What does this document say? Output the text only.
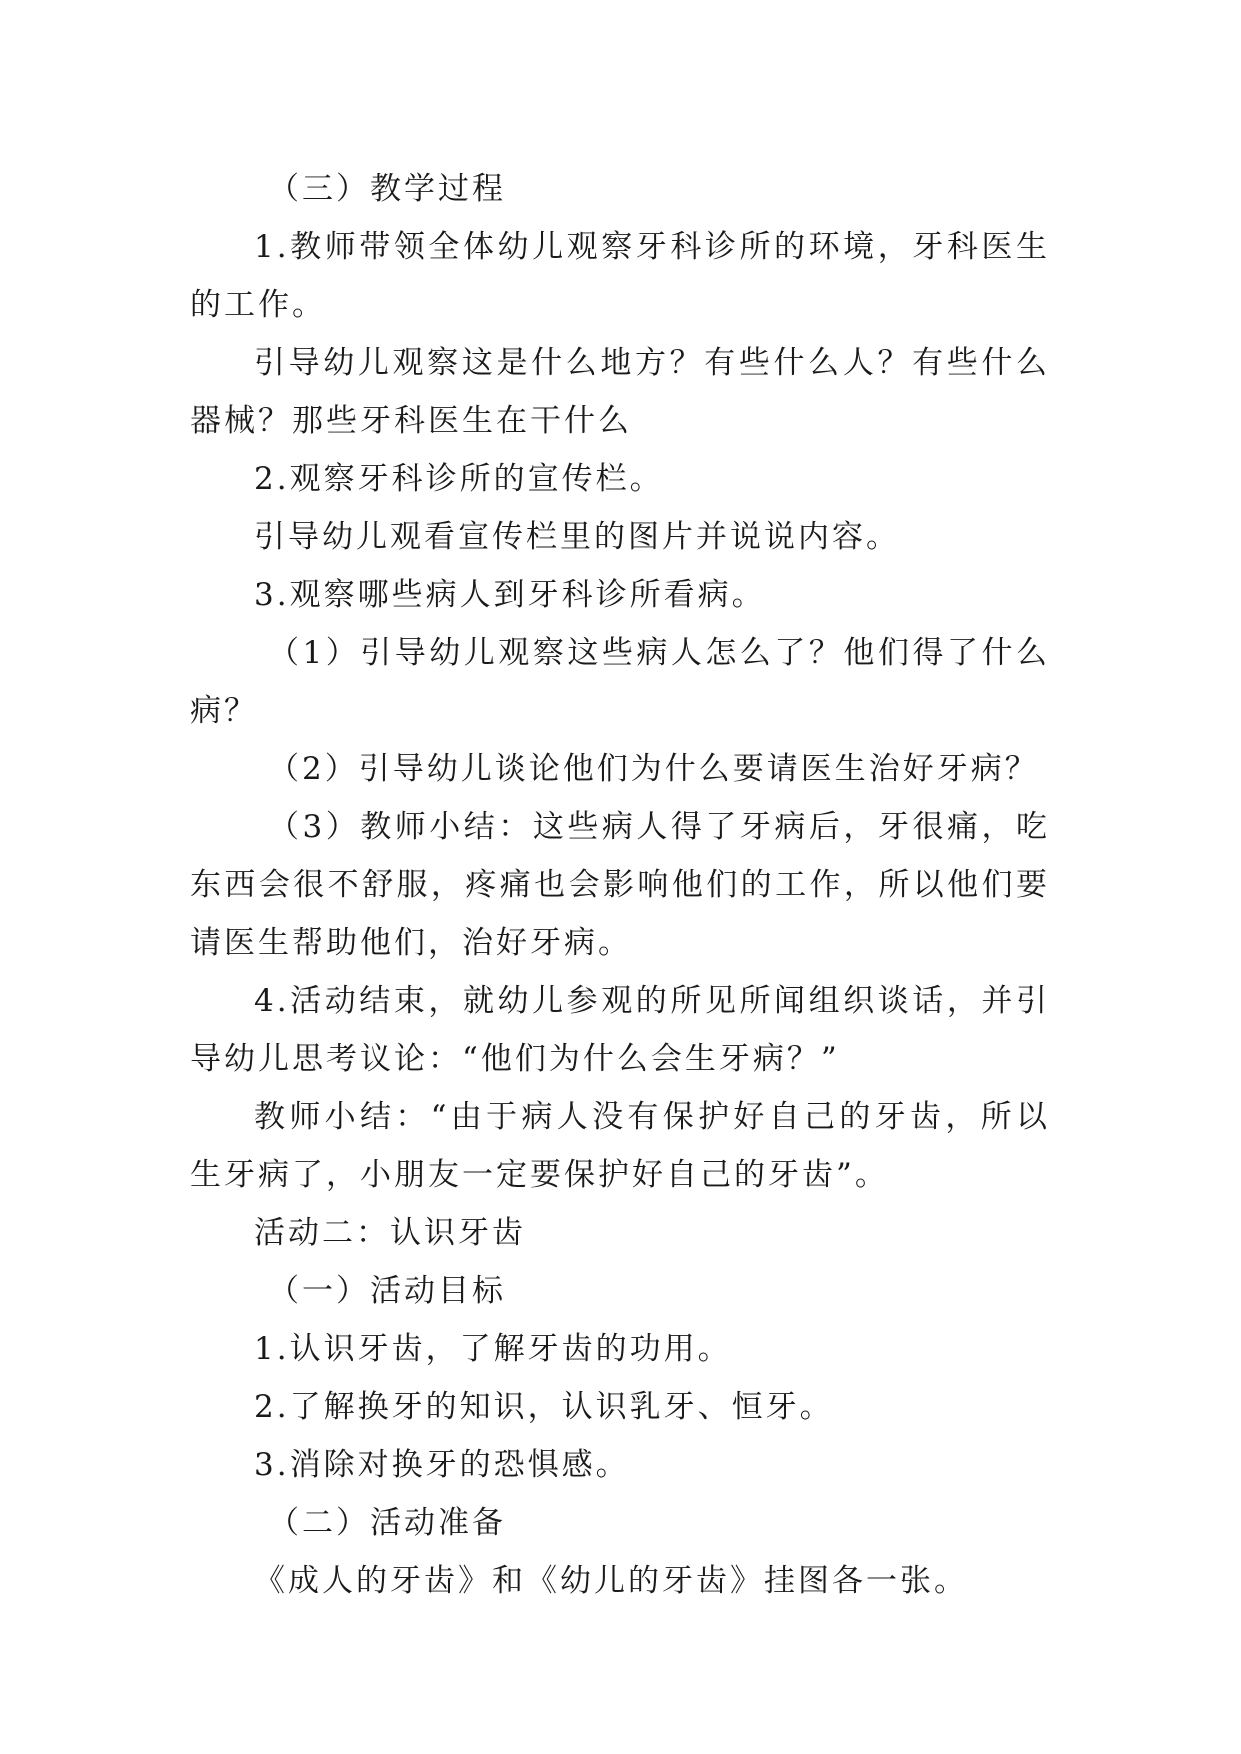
（三）教学过程

1.教师带领全体幼儿观察牙科诊所的环境，牙科医生的工作。

引导幼儿观察这是什么地方？有些什么人？有些什么器械？那些牙科医生在干什么

2.观察牙科诊所的宣传栏。

引导幼儿观看宣传栏里的图片并说说内容。

3.观察哪些病人到牙科诊所看病。

（1）引导幼儿观察这些病人怎么了？他们得了什么病？

（2）引导幼儿谈论他们为什么要请医生治好牙病？

（3）教师小结：这些病人得了牙病后，牙很痛，吃东西会很不舒服，疼痛也会影响他们的工作，所以他们要请医生帮助他们，治好牙病。

4.活动结束，就幼儿参观的所见所闻组织谈话，并引导幼儿思考议论：“他们为什么会生牙病？”

教师小结：“由于病人没有保护好自己的牙齿，所以生牙病了，小朋友一定要保护好自己的牙齿”。

活动二：认识牙齿

（一）活动目标

1.认识牙齿，了解牙齿的功用。

2.了解换牙的知识，认识乳牙、恒牙。

3.消除对换牙的恐惧感。

（二）活动准备

《成人的牙齿》和《幼儿的牙齿》挂图各一张。
